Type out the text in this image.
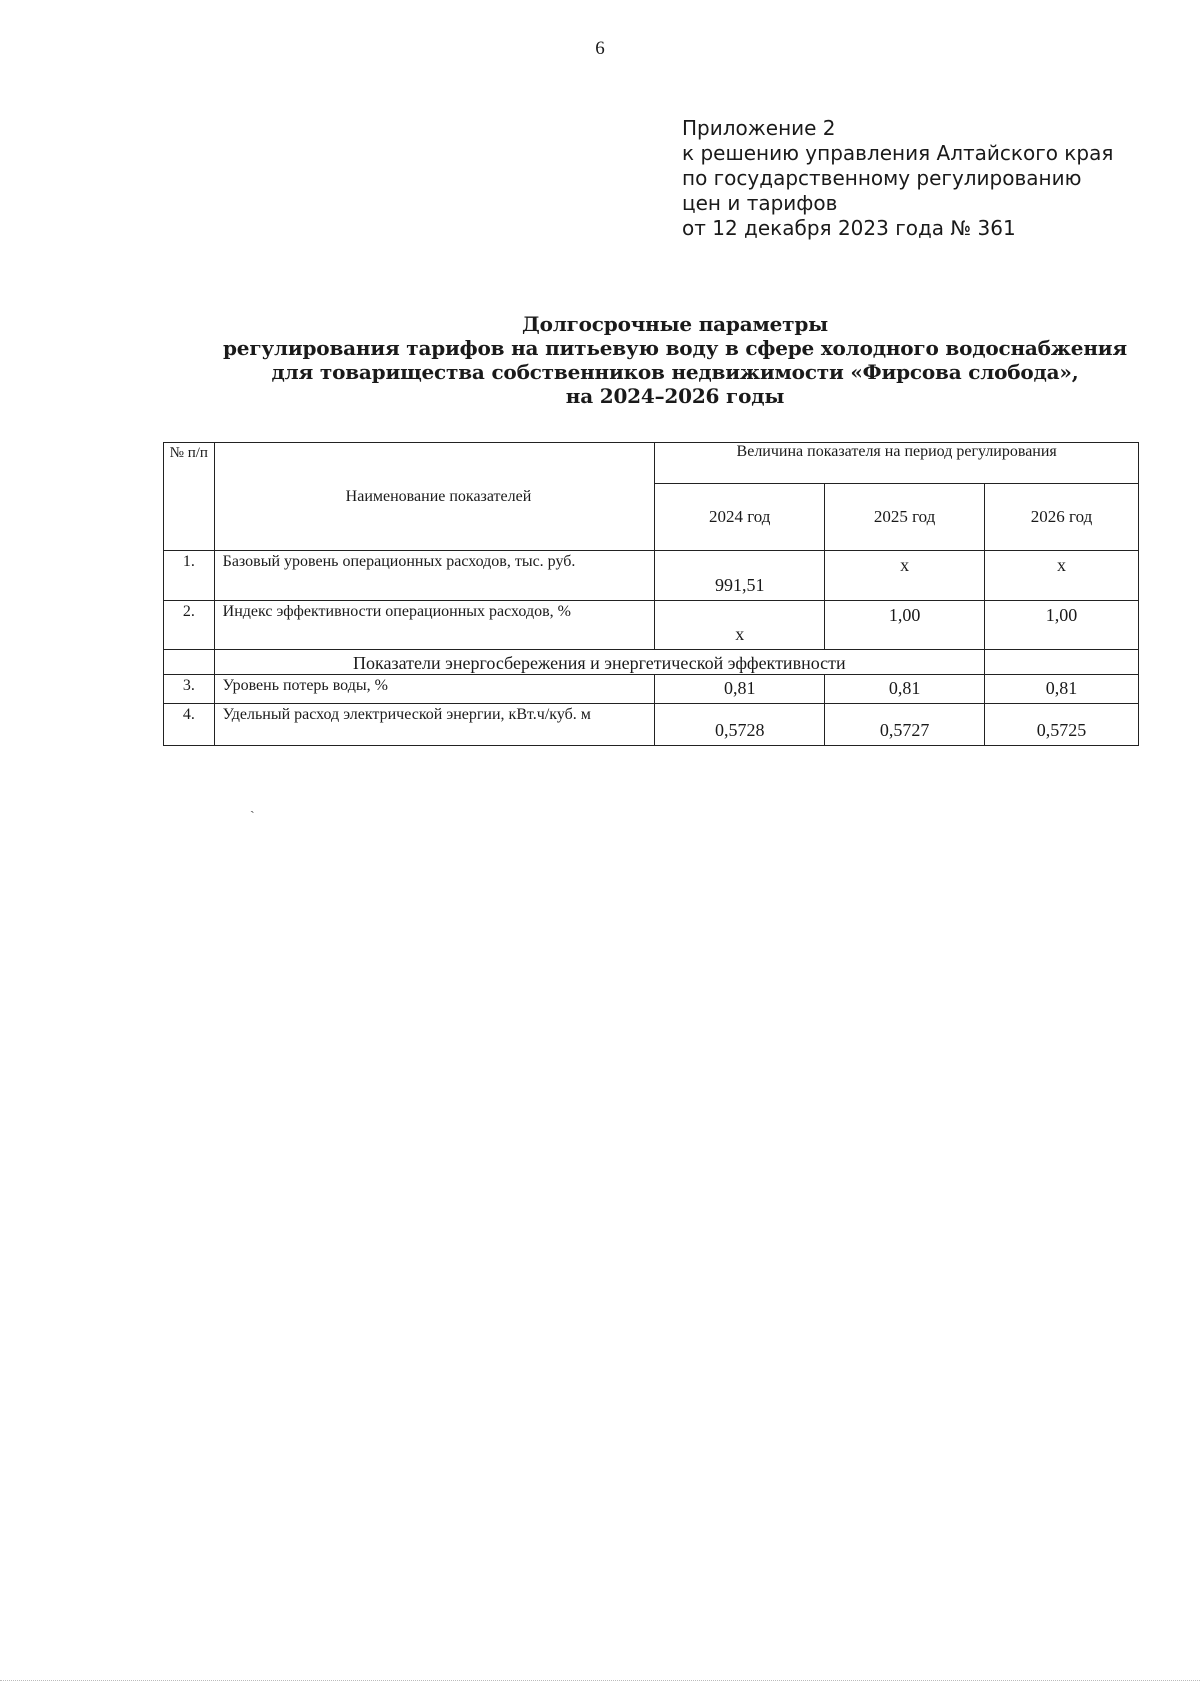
6
Приложение 2
к решению управления Алтайского края
по государственному регулированию
цен и тарифов
от 12 декабря 2023 года № 361
Долгосрочные параметры
регулирования тарифов на питьевую воду в сфере холодного водоснабжения
для товарищества собственников недвижимости «Фирсова слобода»,
на 2024–2026 годы
№ п/п	Наименование показателей	Величина показателя на период регулирования		
		2024 год	2025 год	2026 год
1.	Базовый уровень операционных расходов, тыс. руб.	991,51	х	х
2.	Индекс эффективности операционных расходов, %	х	1,00	1,00
	Показатели энергосбережения и энергетической эффективности			
3.	Уровень потерь воды, %	0,81	0,81	0,81
4.	Удельный расход электрической энергии, кВт.ч/куб. м	0,5728	0,5727	0,5725
ˏ
